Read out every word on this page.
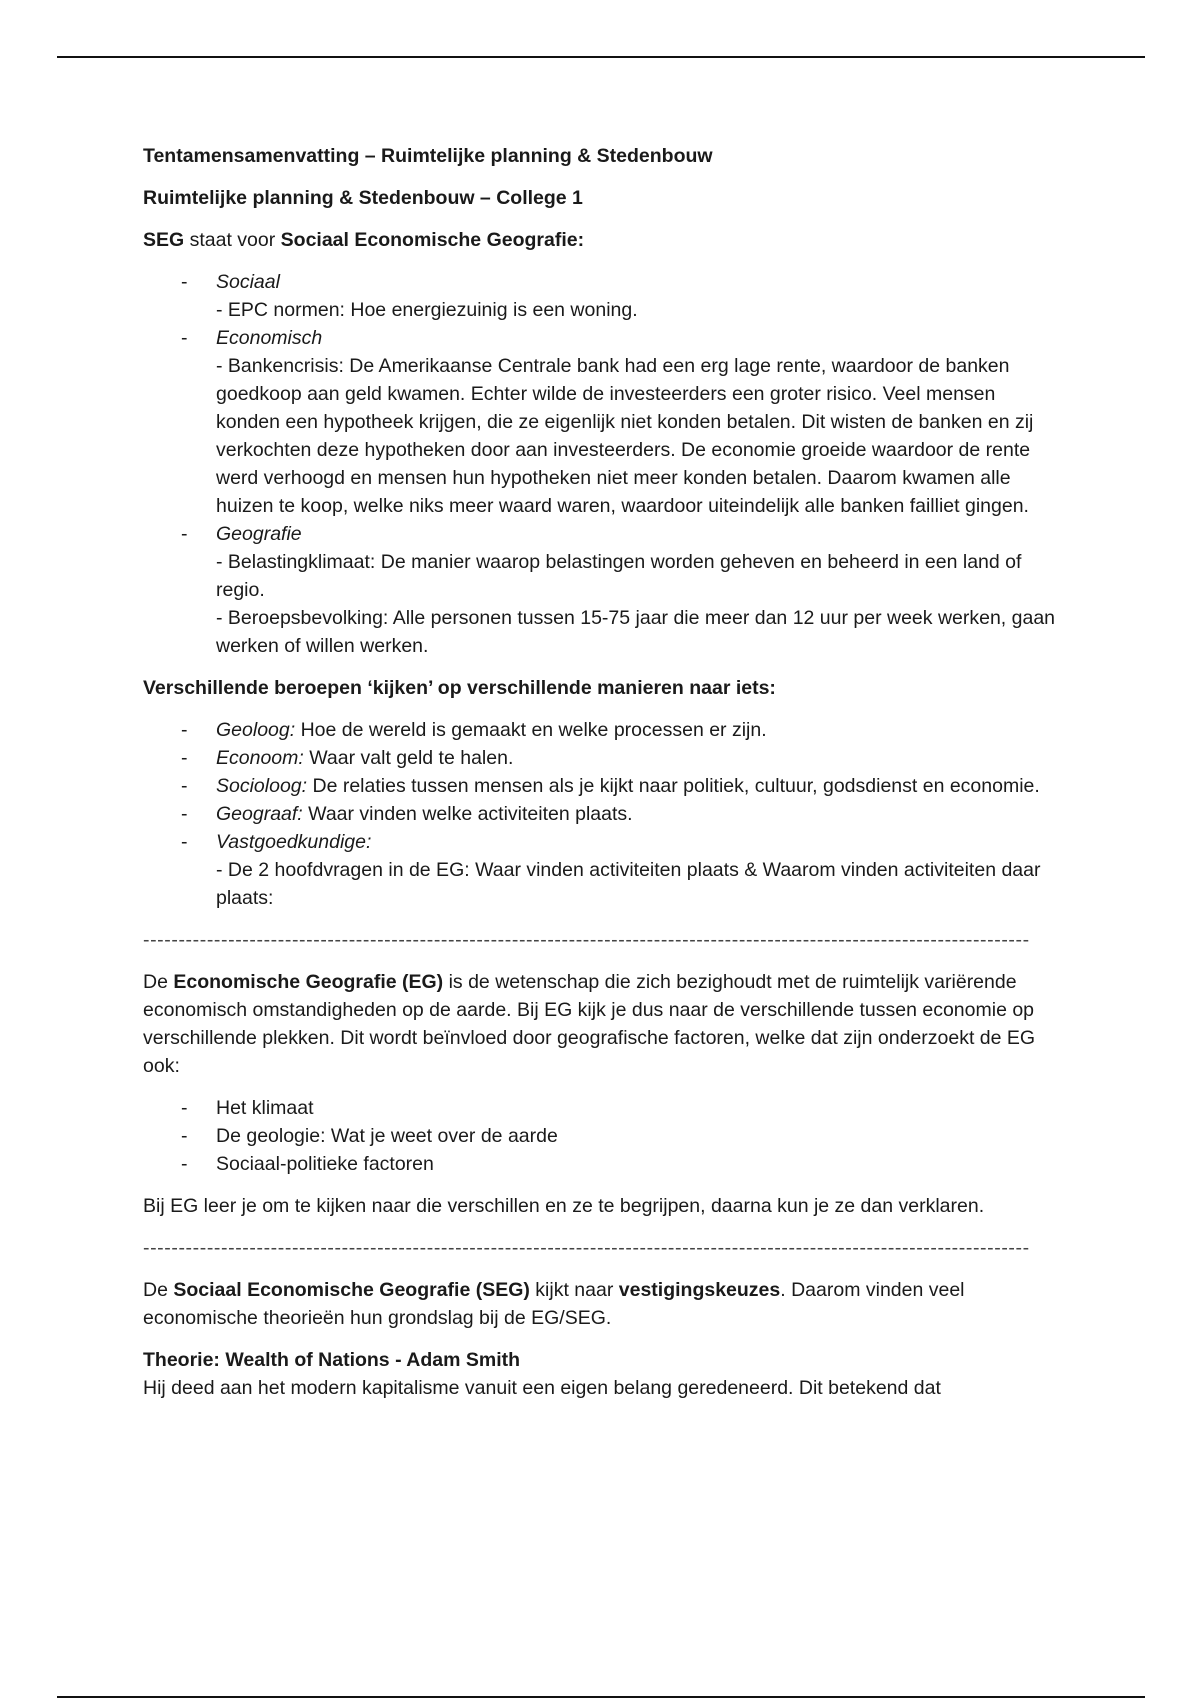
Tentamensamenvatting – Ruimtelijke planning & Stedenbouw

Ruimtelijke planning & Stedenbouw – College 1

SEG staat voor Sociaal Economische Geografie:

- Sociaal
- EPC normen: Hoe energiezuinig is een woning.
- Economisch
- Bankencrisis: De Amerikaanse Centrale bank had een erg lage rente, waardoor de banken goedkoop aan geld kwamen. Echter wilde de investeerders een groter risico. Veel mensen konden een hypotheek krijgen, die ze eigenlijk niet konden betalen. Dit wisten de banken en zij verkochten deze hypotheken door aan investeerders. De economie groeide waardoor de rente werd verhoogd en mensen hun hypotheken niet meer konden betalen. Daarom kwamen alle huizen te koop, welke niks meer waard waren, waardoor uiteindelijk alle banken failliet gingen.
- Geografie
- Belastingklimaat: De manier waarop belastingen worden geheven en beheerd in een land of regio.
- Beroepsbevolking: Alle personen tussen 15-75 jaar die meer dan 12 uur per week werken, gaan werken of willen werken.

Verschillende beroepen ‘kijken’ op verschillende manieren naar iets:

- Geoloog: Hoe de wereld is gemaakt en welke processen er zijn.
- Econoom: Waar valt geld te halen.
- Socioloog: De relaties tussen mensen als je kijkt naar politiek, cultuur, godsdienst en economie.
- Geograaf: Waar vinden welke activiteiten plaats.
- Vastgoedkundige:
- De 2 hoofdvragen in de EG: Waar vinden activiteiten plaats & Waarom vinden activiteiten daar plaats:
-----------------------------------------------------------------------------------------------------------------------------

De Economische Geografie (EG) is de wetenschap die zich bezighoudt met de ruimtelijk variërende economisch omstandigheden op de aarde. Bij EG kijk je dus naar de verschillende tussen economie op verschillende plekken. Dit wordt beïnvloed door geografische factoren, welke dat zijn onderzoekt de EG ook:

- Het klimaat
- De geologie: Wat je weet over de aarde
- Sociaal-politieke factoren

Bij EG leer je om te kijken naar die verschillen en ze te begrijpen, daarna kun je ze dan verklaren.

-----------------------------------------------------------------------------------------------------------------------------

De Sociaal Economische Geografie (SEG) kijkt naar vestigingskeuzes. Daarom vinden veel economische theorieën hun grondslag bij de EG/SEG.

Theorie: Wealth of Nations - Adam Smith

Hij deed aan het modern kapitalisme vanuit een eigen belang geredeneerd. Dit betekend dat
